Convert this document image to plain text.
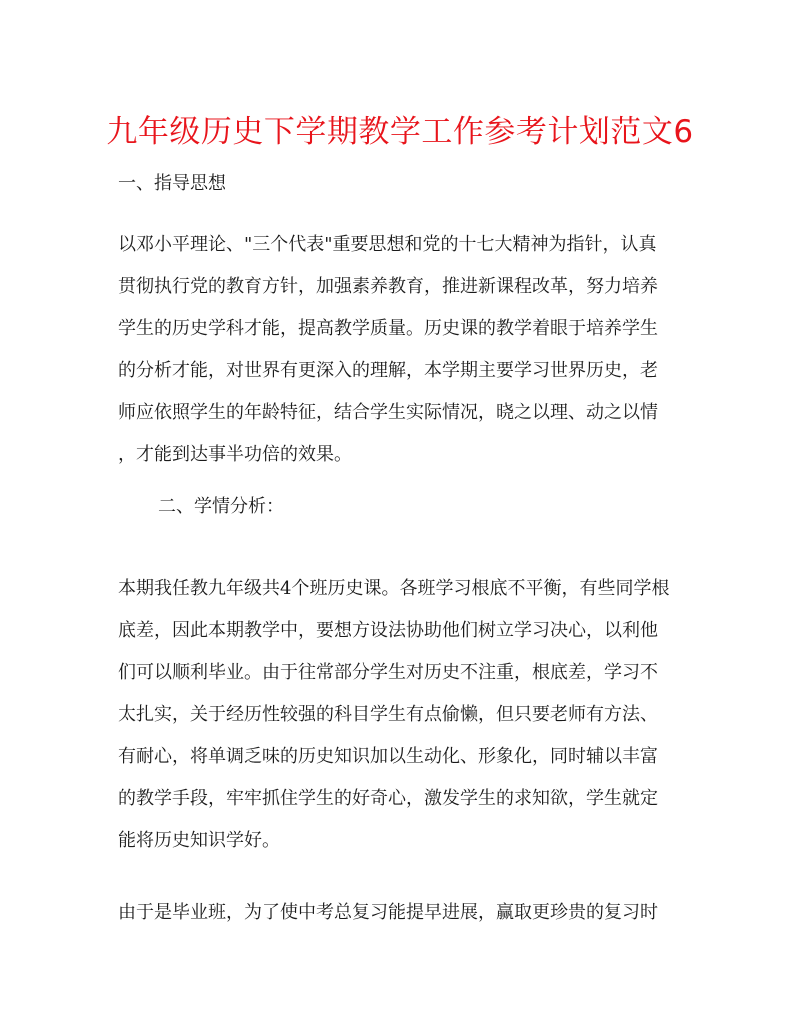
九年级历史下学期教学工作参考计划范文6
一、指导思想
以邓小平理论、"三个代表"重要思想和党的十七大精神为指针，认真
贯彻执行党的教育方针，加强素养教育，推进新课程改革，努力培养
学生的历史学科才能，提高教学质量。历史课的教学着眼于培养学生
的分析才能，对世界有更深入的理解，本学期主要学习世界历史，老
师应依照学生的年龄特征，结合学生实际情况，晓之以理、动之以情
，才能到达事半功倍的效果。
二、学情分析：
本期我任教九年级共4个班历史课。各班学习根底不平衡，有些同学根
底差，因此本期教学中，要想方设法协助他们树立学习决心，以利他
们可以顺利毕业。由于往常部分学生对历史不注重，根底差，学习不
太扎实，关于经历性较强的科目学生有点偷懒，但只要老师有方法、
有耐心，将单调乏味的历史知识加以生动化、形象化，同时辅以丰富
的教学手段，牢牢抓住学生的好奇心，激发学生的求知欲，学生就定
能将历史知识学好。
由于是毕业班，为了使中考总复习能提早进展，赢取更珍贵的复习时
